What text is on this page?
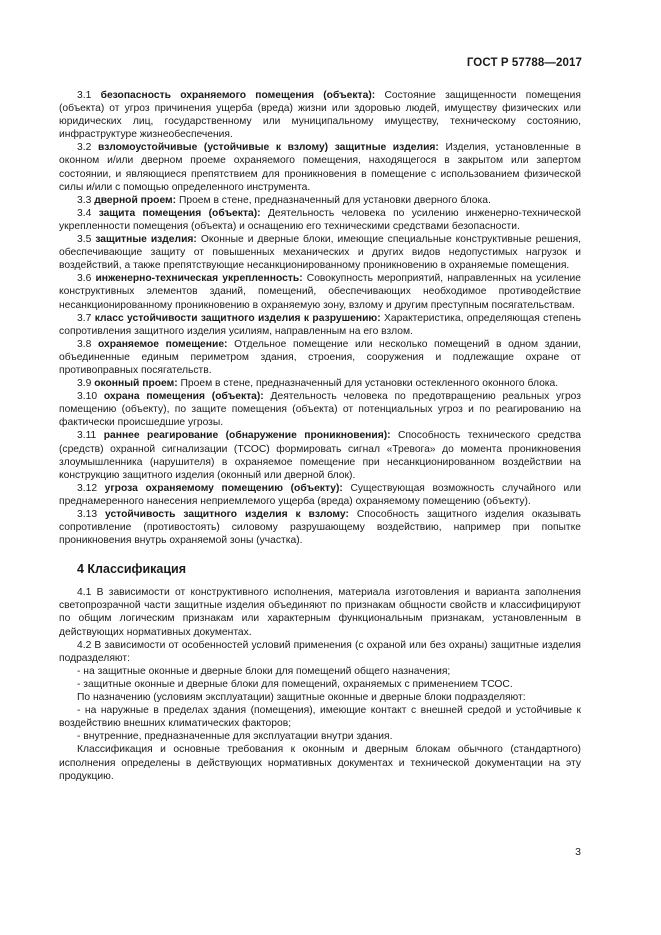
ГОСТ Р 57788—2017

3.1 безопасность охраняемого помещения (объекта): Состояние защищенности помещения (объекта) от угроз причинения ущерба (вреда) жизни или здоровью людей, имуществу физических или юридических лиц, государственному или муниципальному имуществу, техническому состоянию, инфраструктуре жизнеобеспечения.

3.2 взломоустойчивые (устойчивые к взлому) защитные изделия: Изделия, установленные в оконном и/или дверном проеме охраняемого помещения, находящегося в закрытом или запертом состоянии, и являющиеся препятствием для проникновения в помещение с использованием физической силы и/или с помощью определенного инструмента.

3.3 дверной проем: Проем в стене, предназначенный для установки дверного блока.

3.4 защита помещения (объекта): Деятельность человека по усилению инженерно-технической укрепленности помещения (объекта) и оснащению его техническими средствами безопасности.

3.5 защитные изделия: Оконные и дверные блоки, имеющие специальные конструктивные решения, обеспечивающие защиту от повышенных механических и других видов недопустимых нагрузок и воздействий, а также препятствующие несанкционированному проникновению в охраняемые помещения.

3.6 инженерно-техническая укрепленность: Совокупность мероприятий, направленных на усиление конструктивных элементов зданий, помещений, обеспечивающих необходимое противодействие несанкционированному проникновению в охраняемую зону, взлому и другим преступным посягательствам.

3.7 класс устойчивости защитного изделия к разрушению: Характеристика, определяющая степень сопротивления защитного изделия усилиям, направленным на его взлом.

3.8 охраняемое помещение: Отдельное помещение или несколько помещений в одном здании, объединенные единым периметром здания, строения, сооружения и подлежащие охране от противоправных посягательств.

3.9 оконный проем: Проем в стене, предназначенный для установки остекленного оконного блока.

3.10 охрана помещения (объекта): Деятельность человека по предотвращению реальных угроз помещению (объекту), по защите помещения (объекта) от потенциальных угроз и по реагированию на фактически происшедшие угрозы.

3.11 раннее реагирование (обнаружение проникновения): Способность технического средства (средств) охранной сигнализации (ТСОС) формировать сигнал «Тревога» до момента проникновения злоумышленника (нарушителя) в охраняемое помещение при несанкционированном воздействии на конструкцию защитного изделия (оконный или дверной блок).

3.12 угроза охраняемому помещению (объекту): Существующая возможность случайного или преднамеренного нанесения неприемлемого ущерба (вреда) охраняемому помещению (объекту).

3.13 устойчивость защитного изделия к взлому: Способность защитного изделия оказывать сопротивление (противостоять) силовому разрушающему воздействию, например при попытке проникновения внутрь охраняемой зоны (участка).

4 Классификация

4.1 В зависимости от конструктивного исполнения, материала изготовления и варианта заполнения светопрозрачной части защитные изделия объединяют по признакам общности свойств и классифицируют по общим логическим признакам или характерным функциональным признакам, установленным в действующих нормативных документах.

4.2 В зависимости от особенностей условий применения (с охраной или без охраны) защитные изделия подразделяют:

- на защитные оконные и дверные блоки для помещений общего назначения;

- защитные оконные и дверные блоки для помещений, охраняемых с применением ТСОС.

По назначению (условиям эксплуатации) защитные оконные и дверные блоки подразделяют:

- на наружные в пределах здания (помещения), имеющие контакт с внешней средой и устойчивые к воздействию внешних климатических факторов;

- внутренние, предназначенные для эксплуатации внутри здания.

Классификация и основные требования к оконным и дверным блокам обычного (стандартного) исполнения определены в действующих нормативных документах и технической документации на эту продукцию.

3
